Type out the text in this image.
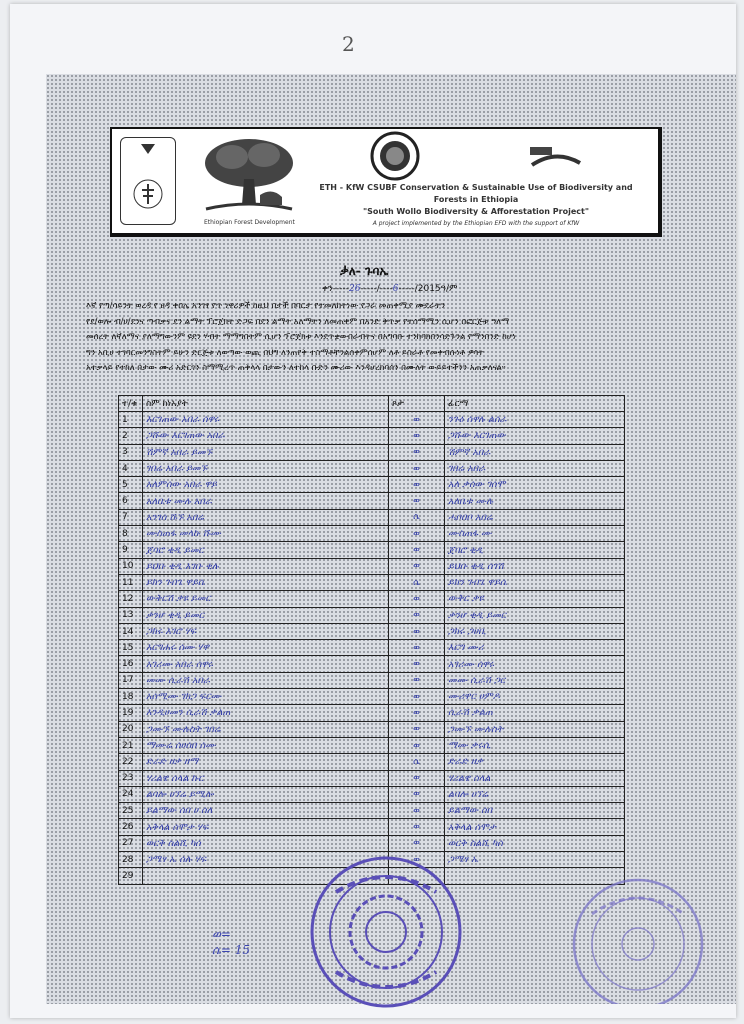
2
Ethiopian Forest Development
ETH - KfW CSUBF Conservation & Sustainable Use of Biodiversity and
Forests in Ethiopia
"South Wollo Biodiversity & Afforestation Project"
A project implemented by the Ethiopian EFD with the support of KfW
ቃለ- ጉባኤ
ቀን-----26-----/----6-----/2015ዓ/ም
እኛ የጣ/ሳይንት ወረዳ የ ፀዳ ቀበሌ አንገፃ የጥ ነዋሪዎች ከዚህ በታች በባርታ የተመለከትነው የጋራ መጠቀሚያ ሙደራትን
የደ/ወሎ ብ/ሀ/ደንና ጣብቃና ደን ልማት ፕሮጀክት ድጋፍ በደን ልማት አለማትን ለመጠቀም በአንድ ቅጥቃ የተሰማሚን ሲሆን በፎርጅቱ ዓለማ
መሰረት ለኛለማና ያለማግውንም ዩደን ሃብት ማማግበትም ሲሆን ፕሮጀክቱ እንደጥቋውበራብትና በአግባቡ ተንከባክበንሳድጉንል የማንበንድ ከሆነ
ግን አቢሀ ተገባርመንግስትም ይሁን ድርጅቱ ለወጣው ወጪ በህግ ለንጠየቅ ተስማቶቸንልሰቀምሰሆም ለቶ ይስራቶ የመቀብሱነቶ ዎሳት
አተቃላይ የተከለ በታው ሙሪ አድርገን ስማሚረጥ ጠቅላላ በታውን ለተከላ ቡድን ሙሪው እንዳሆረክባሰን በሙለት ውይይተችንን አጠቃለናል።
ተ/ቁ	ስም ከነአያት	ጾታ	ፊርማ
1	እርገጠው አበራ ሰዋሩ	ወ	ንጉዕ ሰዋሉ ልሰራ
2	ጋሹው እርገጠው አበራ	ወ	ጋሹው እርገጠው
3	ሽምኛ አበራ ይመኙ	ወ	ሽምኛ አበራ
4	ገበሬ አበራ ይመኙ	ወ	ገበሬ አበራ
5	አለምሰው አበራ ዋይ	ወ	አለ ቃሰው ገሰሞ
6	አለቤቱ ሙሉ አበራ	ወ	አለቤቱ ሙሉ
7	አንገሰ ሹኙ አበሬ	ሴ	ሓቦበቦ አበሬ
8	ሙስጠፋ መላኩ ሹሙ	ወ	ሙስጠፋ ሙ
9	ጀባሮ ቂዲ ይመር	ወ	ጀባሮ ቂዲ
10	ይህቡ ቂዲ እገቡ ቂሉ	ወ	ይህቡ ቂዲ ሰገሽ
11	ይክን ገብጌ ዋይሴ	ሴ	ይክን ገብጌ ዋይሴ
12	ውቅርሽ ቃዩ ይመር	ወ	ውቅር ቃዩ
13	ቃንሆ ቂዲ ይመር	ወ	ቃንሆ ቂዲ ይመር
14	ጋክሩ እገሮ ሃፍ	ወ	ጋክሩ ጋሀቢ
15	እርግሐሩ ሰሙ ሃዋ	ወ	እርግ ሙሪ
16	አገሪሙ አበራ ሰዋሩ	ወ	አገሪሙ ሰዋሩ
17	መሙ ሲራሽ አበራ	ወ	መሙ ሲራሽ ጋር
18	አሰሚሙ ገክጋ ፍርሙ	ወ	ሙሪዋር ሀምዶ
19	እንዲሀመን ሲራሽ ቃልጠ	ወ	ሲራሽ ቃልጠ
20	ጋሙኙ ሙሉስት ገበሬ	ወ	ጋሙኙ ሙሉስት
21	ማሙሬ ሰሀሰበ ሰሙ	ወ	ማሙ ቃሩሲ
22	ድራድ ዘቃ ዘማ	ሴ	ድራድ ዘቃ
23	ሃሪልዌ ሰላል ኩር	ወ	ሃሪልዌ ሰላል
24	ልባሎ ሀኘሬ ይሚሎ	ወ	ልባሎ ሀኘሬ
25	ይልማው ሰበ ሀ ሰለ	ወ	ይልማው ሰበ
26	አቅላል ሰሞታ ሃፍ	ወ	አቅላል ሰሞታ
27	ወርቅ ስልሺ ካሰ	ወ	ወርቅ ስልሺ ካሰ
28	ጋሜፃ ኤ ሰሉ ሃፍ	ወ	ጋሜፃ ኤ
29			
ወ=
ሴ= 15
